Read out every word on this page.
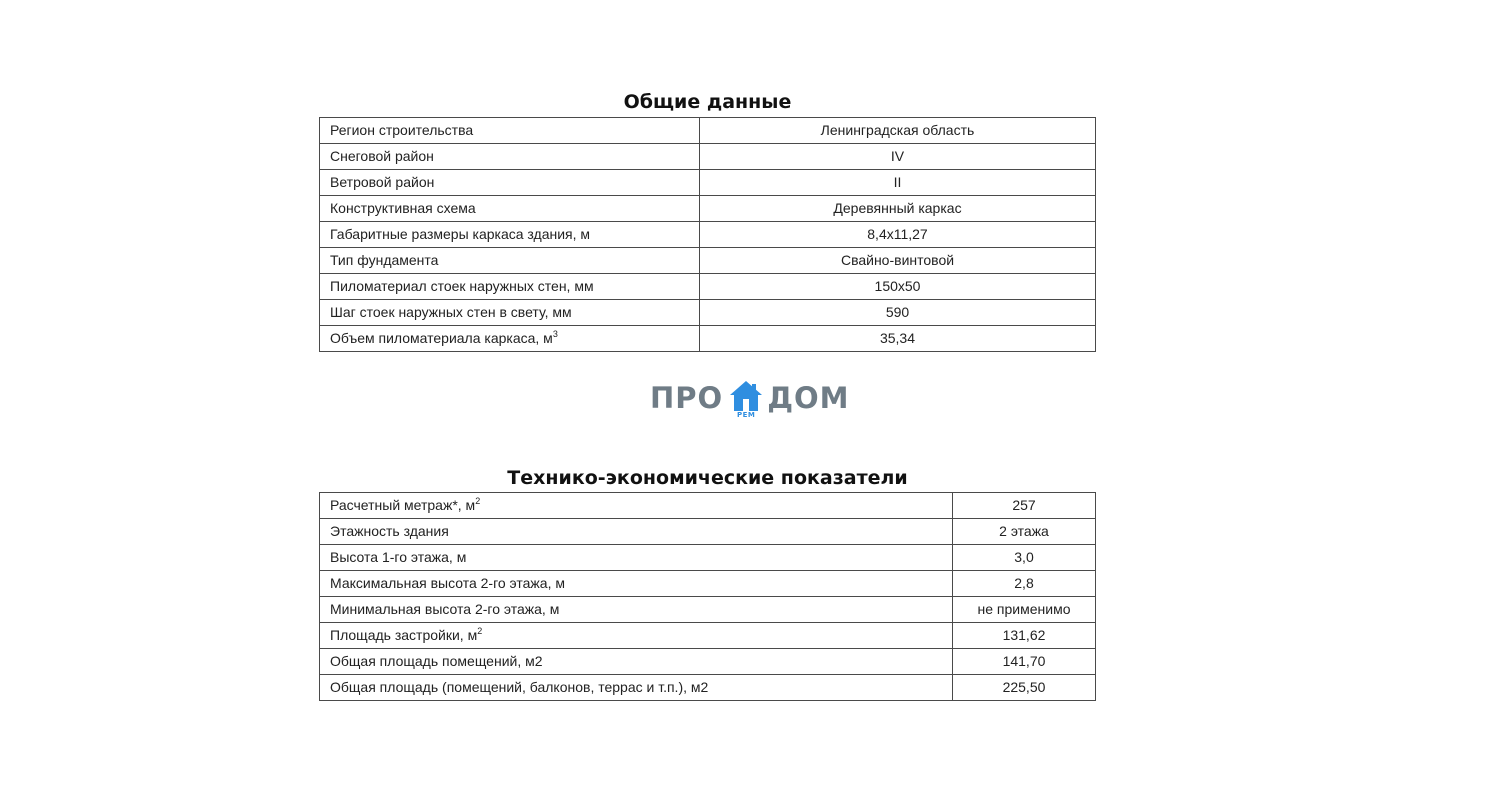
Общие данные
Регион строительства	Ленинградская область
Снеговой район	IV
Ветровой район	II
Конструктивная схема	Деревянный каркас
Габаритные размеры каркаса здания, м	8,4x11,27
Тип фундамента	Свайно-винтовой
Пиломатериал стоек наружных стен, мм	150x50
Шаг стоек наружных стен в свету, мм	590
Объем пиломатериала каркаса, $м^3$	35,34
ПРО	РЕМ ДОМ
Технико-экономические показатели
Расчетный метраж*, $м^2$	257
Этажность здания	2 этажа
Высота 1-го этажа, м	3,0
Максимальная высота 2-го этажа, м	2,8
Минимальная высота 2-го этажа, м	не применимо
Площадь застройки, $м^2$	131,62
Общая площадь помещений, м2	141,70
Общая площадь (помещений, балконов, террас и т.п.), м2	225,50
